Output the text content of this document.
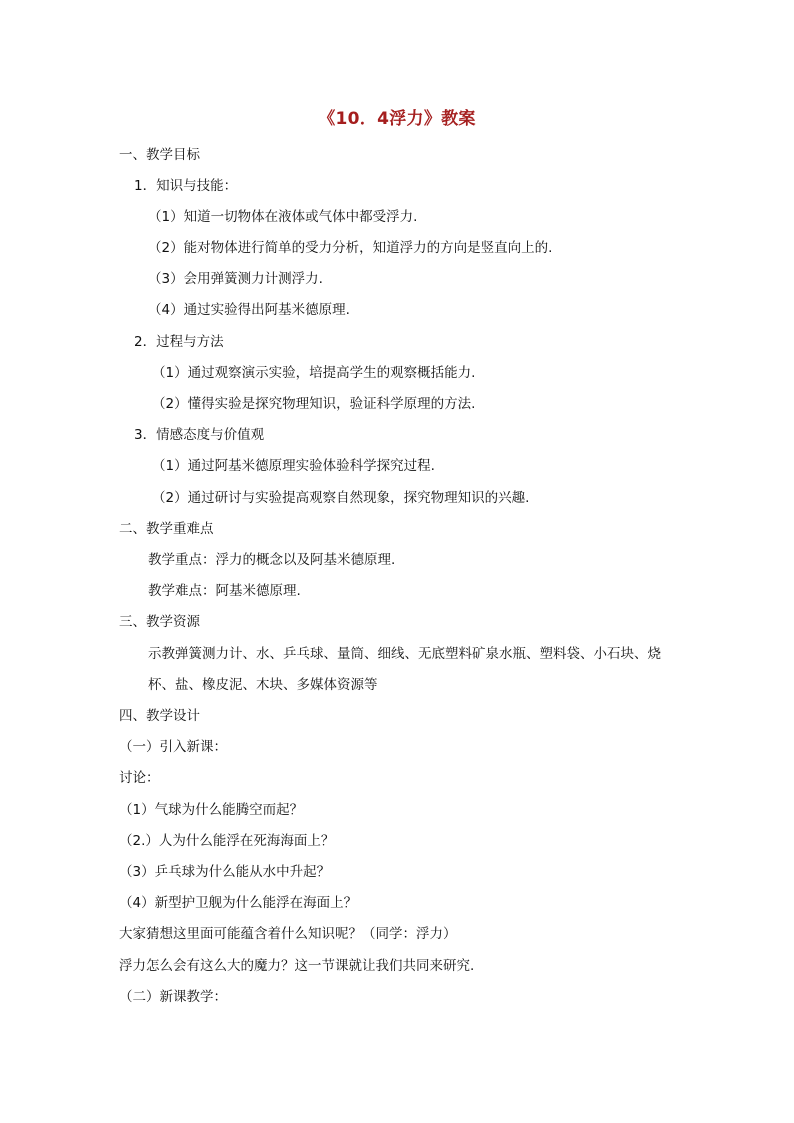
《10．4浮力》教案
一、教学目标
1．知识与技能：
（1）知道一切物体在液体或气体中都受浮力.
（2）能对物体进行简单的受力分析，知道浮力的方向是竖直向上的.
（3）会用弹簧测力计测浮力.
（4）通过实验得出阿基米德原理.
2．过程与方法
（1）通过观察演示实验，培提高学生的观察概括能力.
（2）懂得实验是探究物理知识，验证科学原理的方法.
3．情感态度与价值观
（1）通过阿基米德原理实验体验科学探究过程.
（2）通过研讨与实验提高观察自然现象，探究物理知识的兴趣.
二、教学重难点
教学重点：浮力的概念以及阿基米德原理.
教学难点：阿基米德原理.
三、教学资源
示教弹簧测力计、水、乒乓球、量筒、细线、无底塑料矿泉水瓶、塑料袋、小石块、烧
杯、盐、橡皮泥、木块、多媒体资源等
四、教学设计
（一）引入新课：
讨论：
（1）气球为什么能腾空而起？
（2.）人为什么能浮在死海海面上？
（3）乒乓球为什么能从水中升起？
（4）新型护卫舰为什么能浮在海面上？
大家猜想这里面可能蕴含着什么知识呢？（同学：浮力）
浮力怎么会有这么大的魔力？这一节课就让我们共同来研究.
（二）新课教学：
